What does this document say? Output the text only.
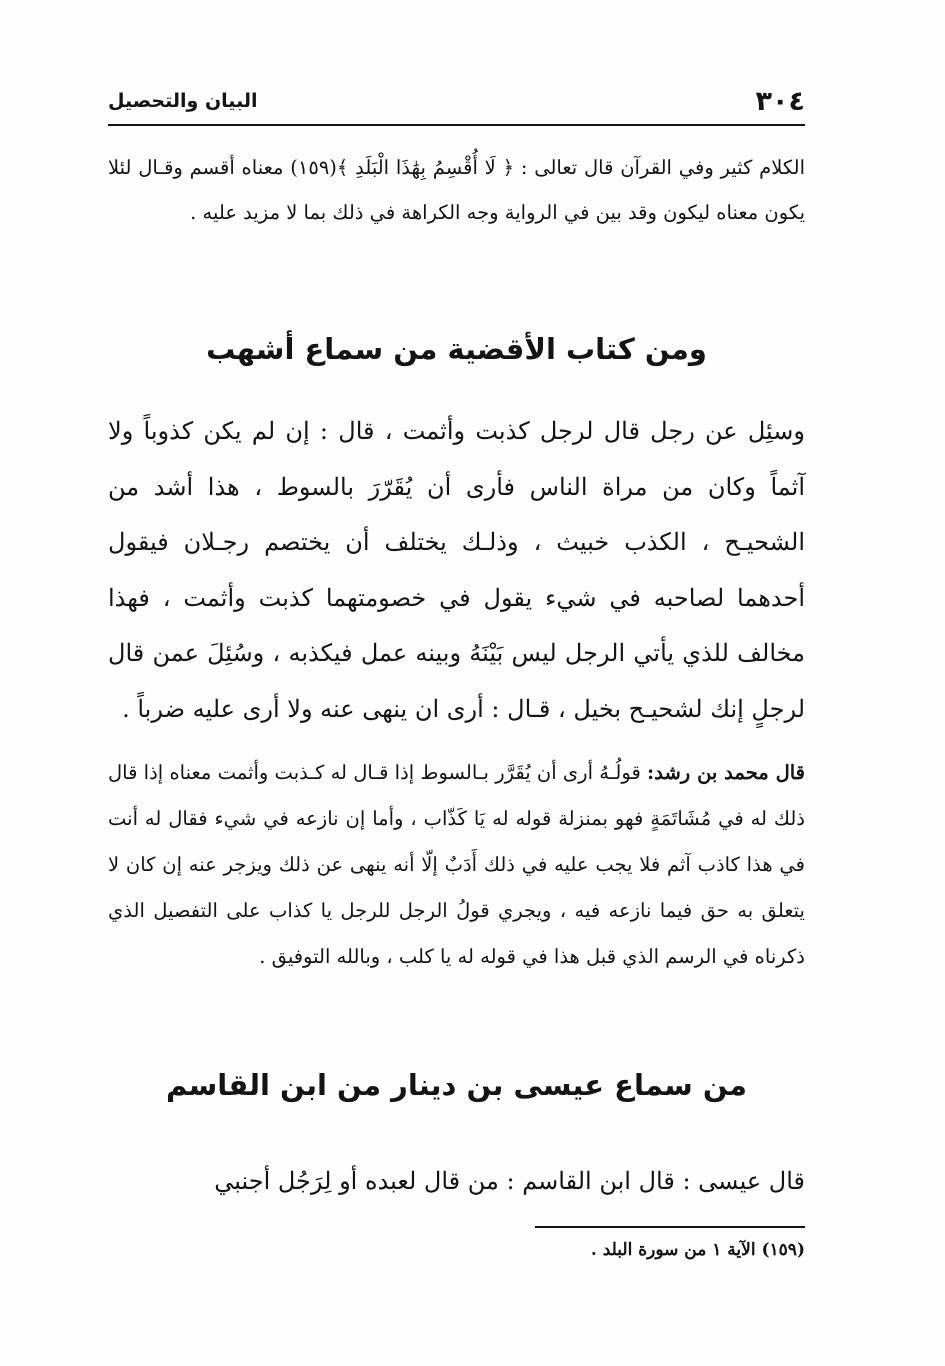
٣٠٤
البيان والتحصيل

الكلام كثير وفي القرآن قال تعالى : ﴿ لَا أُقْسِمُ بِهَٰذَا الْبَلَدِ ﴾(١٥٩) معناه أقسم وقـال لئلا يكون معناه ليكون وقد بين في الرواية وجه الكراهة في ذلك بما لا مزيد عليه .

ومن كتاب الأقضية من سماع أشهب

وسئِل عن رجل قال لرجل كذبت وأثمت ، قال : إن لم يكن كذوباً ولا آثماً وكان من مراة الناس فأرى أن يُقَرّرَ بالسوط ، هذا أشد من الشحيـح ، الكذب خبيث ، وذلـك يختلف أن يختصم رجـلان فيقول أحدهما لصاحبه في شيء يقول في خصومتهما كذبت وأثمت ، فهذا مخالف للذي يأتي الرجل ليس بَيْنَهُ وبينه عمل فيكذبه ، وسُئِلَ عمن قال لرجلٍ إنك لشحيـح بخيل ، قـال : أرى ان ينهى عنه ولا أرى عليه ضرباً .

قال محمد بن رشد: قولُـهُ أرى أن يُقَرَّر بـالسوط إذا قـال له كـذبت وأثمت معناه إذا قال ذلك له في مُشَاتَمَةٍ فهو بمنزلة قوله له يَا كَذّاب ، وأما إن نازعه في شيء فقال له أنت في هذا كاذب آثم فلا يجب عليه في ذلك أَدَبٌ إلّا أنه ينهى عن ذلك ويزجر عنه إن كان لا يتعلق به حق فيما نازعه فيه ، ويجري قولُ الرجل للرجل يا كذاب على التفصيل الذي ذكرناه في الرسم الذي قبل هذا في قوله له يا كلب ، وبالله التوفيق .

من سماع عيسى بن دينار من ابن القاسم

قال عيسى : قال ابن القاسم : من قال لعبده أو لِرَجُل أجنبي

(١٥٩) الآية ١ من سورة البلد .
